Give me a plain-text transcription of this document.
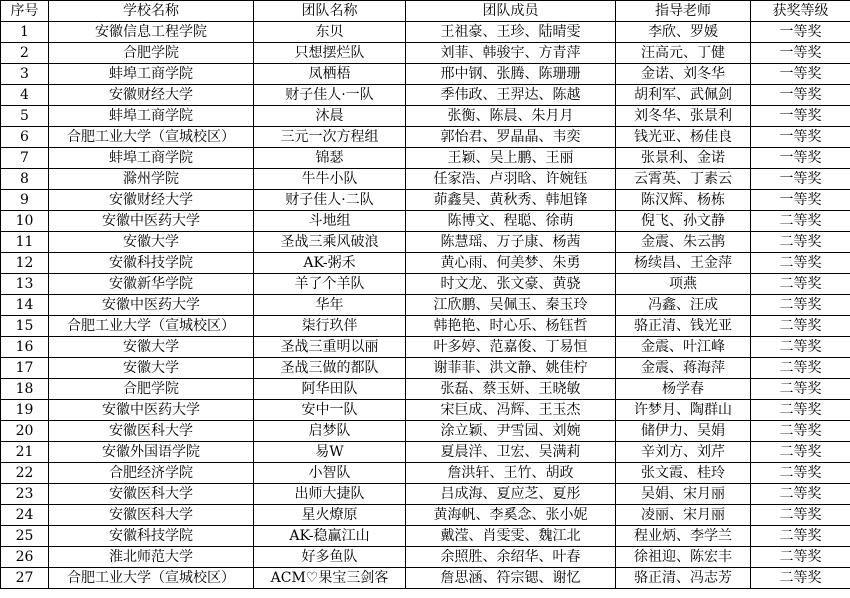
序号	学校名称	团队名称	团队成员	指导老师	获奖等级
1	安徽信息工程学院	东贝	王祖豪、王珍、陆晴雯	李欣、罗媛	一等奖
2	合肥学院	只想摆烂队	刘菲、韩骏宇、方青萍	汪高元、丁健	一等奖
3	蚌埠工商学院	凤栖梧	邢中钢、张腾、陈珊珊	金诺、刘冬华	一等奖
4	安徽财经大学	财子佳人·一队	季伟政、王羿达、陈越	胡利军、武佩剑	一等奖
5	蚌埠工商学院	沐晨	张衡、陈晨、朱月月	刘冬华、张景利	一等奖
6	合肥工业大学（宣城校区）	三元一次方程组	郭怡君、罗晶晶、韦奕	钱光亚、杨佳良	一等奖
7	蚌埠工商学院	锦瑟	王颖、吴上鹏、王丽	张景利、金诺	一等奖
8	滁州学院	牛牛小队	任家浩、卢羽晗、许婉钰	云霄英、丁素云	一等奖
9	安徽财经大学	财子佳人·二队	茆鑫昊、黄秋秀、韩旭锋	陈汉辉、杨栋	一等奖
10	安徽中医药大学	斗地组	陈博文、程聪、徐萌	倪飞、孙文静	二等奖
11	安徽大学	圣战三乘风破浪	陈慧瑶、万子康、杨茜	金震、朱云鹊	二等奖
12	安徽科技学院	AK-粥禾	黄心雨、何美梦、朱勇	杨续昌、王金萍	二等奖
13	安徽新华学院	羊了个羊队	时文龙、张文豪、黄骁	项燕	二等奖
14	安徽中医药大学	华年	江欣鹏、吴佩玉、秦玉玲	冯鑫、汪成	二等奖
15	合肥工业大学（宣城校区）	柒行玖伴	韩艳艳、时心乐、杨钰哲	骆正清、钱光亚	二等奖
16	安徽大学	圣战三重明以丽	叶多婷、范嘉俊、丁易恒	金震、叶江峰	二等奖
17	安徽大学	圣战三做的都队	谢菲菲、洪文静、姚佳柠	金震、蒋海萍	二等奖
18	合肥学院	阿华田队	张磊、蔡玉妍、王晓敏	杨学春	二等奖
19	安徽中医药大学	安中一队	宋巨成、冯辉、王玉杰	许梦月、陶群山	二等奖
20	安徽医科大学	启梦队	涂立颖、尹雪园、刘婉	储伊力、吴娟	二等奖
21	安徽外国语学院	易W	夏晨洋、卫宏、吴满莉	辛刘方、刘芹	二等奖
22	合肥经济学院	小智队	詹洪轩、王竹、胡政	张文霞、桂玲	二等奖
23	安徽医科大学	出师大捷队	吕成海、夏应芝、夏彤	吴娟、宋月丽	二等奖
24	安徽医科大学	星火燎原	黄海帆、李奚念、张小妮	凌丽、宋月丽	二等奖
25	安徽科技学院	AK-稳赢江山	戴滢、肖雯雯、魏江北	程业炳、李学兰	二等奖
26	淮北师范大学	好多鱼队	余照胜、余绍华、叶春	徐祖迎、陈宏丰	二等奖
27	合肥工业大学（宣城校区）	ACM♡果宝三剑客	詹思涵、符宗锶、谢忆	骆正清、冯志芳	二等奖
